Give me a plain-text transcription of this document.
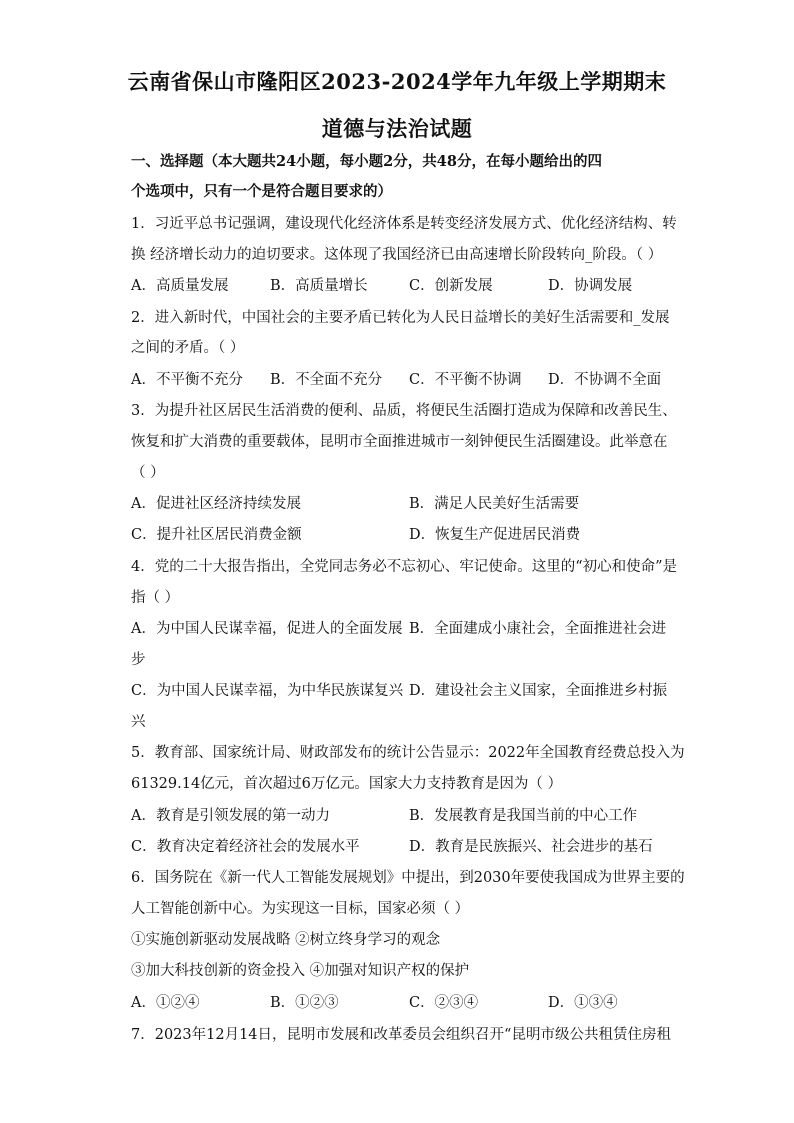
云南省保山市隆阳区2023-2024学年九年级上学期期末
道德与法治试题
一、选择题（本大题共24小题，每小题2分，共48分，在每小题给出的四
个选项中，只有一个是符合题目要求的）
1．习近平总书记强调，建设现代化经济体系是转变经济发展方式、优化经济结构、转
换 经济增长动力的迫切要求。这体现了我国经济已由高速增长阶段转向_阶段。（ ）
A．高质量发展	B．高质量增长	C．创新发展	D．协调发展
2．进入新时代，中国社会的主要矛盾已转化为人民日益增长的美好生活需要和_发展
之间的矛盾。（ ）
A．不平衡不充分 B．不全面不充分 C．不平衡不协调 D．不协调不全面
3．为提升社区居民生活消费的便利、品质，将便民生活圈打造成为保障和改善民生、
恢复和扩大消费的重要载体，昆明市全面推进城市一刻钟便民生活圈建设。此举意在
（ ）
A．促进社区经济持续发展	B．满足人民美好生活需要
C．提升社区居民消费金额	D．恢复生产促进居民消费
4．党的二十大报告指出，全党同志务必不忘初心、牢记使命。这里的“初心和使命”是
指（ ）
A．为中国人民谋幸福，促进人的全面发展 B．全面建成小康社会，全面推进社会进
步
C．为中国人民谋幸福，为中华民族谋复兴 D．建设社会主义国家，全面推进乡村振
兴
5．教育部、国家统计局、财政部发布的统计公告显示：2022年全国教育经费总投入为
61329.14亿元，首次超过6万亿元。国家大力支持教育是因为（ ）
A．教育是引领发展的第一动力	B．发展教育是我国当前的中心工作
C．教育决定着经济社会的发展水平	D．教育是民族振兴、社会进步的基石
6．国务院在《新一代人工智能发展规划》中提出，到2030年要使我国成为世界主要的
人工智能创新中心。为实现这一目标，国家必须（ ）
①实施创新驱动发展战略 ②树立终身学习的观念
③加大科技创新的资金投入 ④加强对知识产权的保护
A．①②④	B．①②③	C．②③④	D．①③④
7．2023年12月14日，昆明市发展和改革委员会组织召开“昆明市级公共租赁住房租
